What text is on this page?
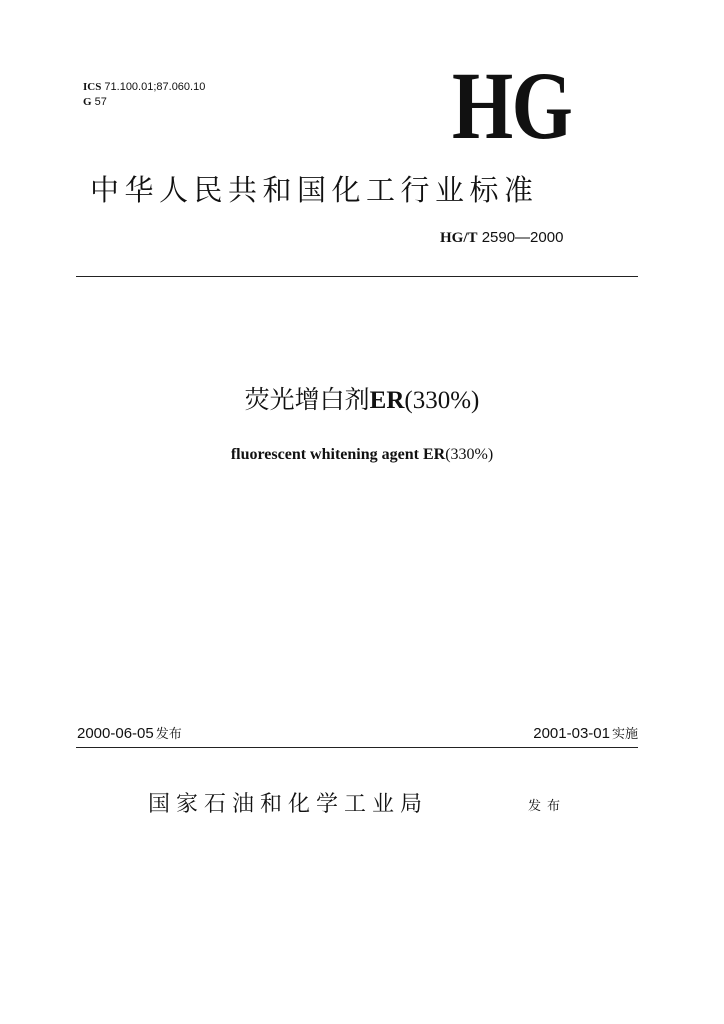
ICS 71.100.01;87.060.10
G 57	HG
中华人民共和国化工行业标准
HG/T 2590—2000
荧光增白剂ER(330%)
fluorescent whitening agent ER(330%)
2000-06-05 发布	2001-03-01 实施
国家石油和化学工业局	发布
